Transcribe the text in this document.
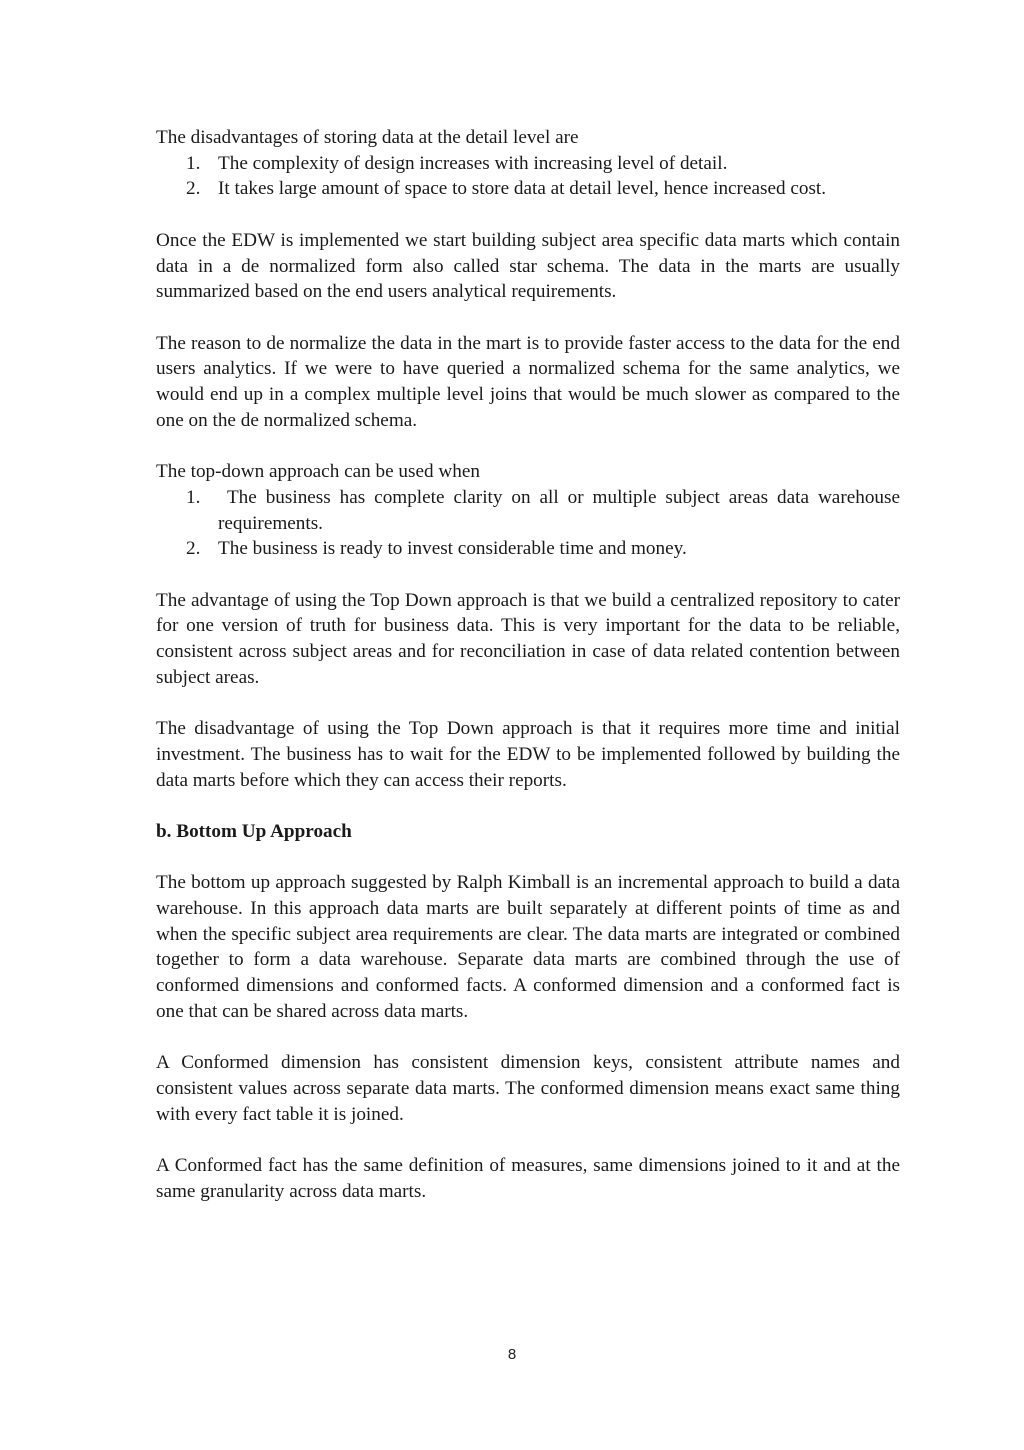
The disadvantages of storing data at the detail level are

1. The complexity of design increases with increasing level of detail.
2. It takes large amount of space to store data at detail level, hence increased cost.

Once the EDW is implemented we start building subject area specific data marts which contain data in a de normalized form also called star schema. The data in the marts are usually summarized based on the end users analytical requirements.

The reason to de normalize the data in the mart is to provide faster access to the data for the end users analytics. If we were to have queried a normalized schema for the same analytics, we would end up in a complex multiple level joins that would be much slower as compared to the one on the de normalized schema.

The top-down approach can be used when

1. The business has complete clarity on all or multiple subject areas data warehouse requirements.
2. The business is ready to invest considerable time and money.

The advantage of using the Top Down approach is that we build a centralized repository to cater for one version of truth for business data. This is very important for the data to be reliable, consistent across subject areas and for reconciliation in case of data related contention between subject areas.

The disadvantage of using the Top Down approach is that it requires more time and initial investment. The business has to wait for the EDW to be implemented followed by building the data marts before which they can access their reports.

b. Bottom Up Approach

The bottom up approach suggested by Ralph Kimball is an incremental approach to build a data warehouse. In this approach data marts are built separately at different points of time as and when the specific subject area requirements are clear. The data marts are integrated or combined together to form a data warehouse. Separate data marts are combined through the use of conformed dimensions and conformed facts. A conformed dimension and a conformed fact is one that can be shared across data marts.

A Conformed dimension has consistent dimension keys, consistent attribute names and consistent values across separate data marts. The conformed dimension means exact same thing with every fact table it is joined.

A Conformed fact has the same definition of measures, same dimensions joined to it and at the same granularity across data marts.

8
